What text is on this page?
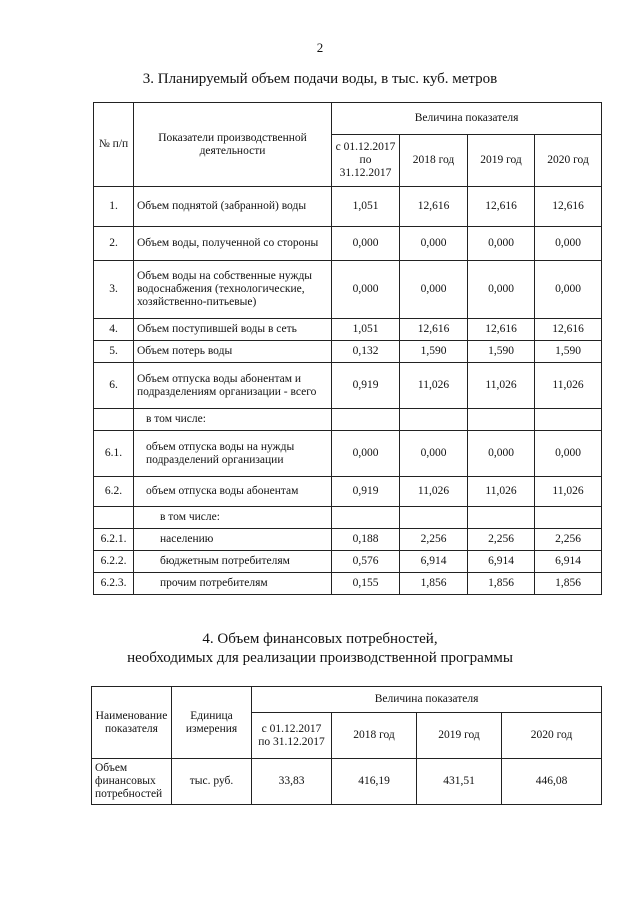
2
3. Планируемый объем подачи воды, в тыс. куб. метров
№ п/п	Показатели производственной деятельности	Величина показателя			
		с 01.12.2017 по 31.12.2017	2018 год	2019 год	2020 год
1.	Объем поднятой (забранной) воды	1,051	12,616	12,616	12,616
2.	Объем воды, полученной со стороны	0,000	0,000	0,000	0,000
3.	Объем воды на собственные нужды водоснабжения (технологические, хозяйственно-питьевые)	0,000	0,000	0,000	0,000
4.	Объем поступившей воды в сеть	1,051	12,616	12,616	12,616
5.	Объем потерь воды	0,132	1,590	1,590	1,590
6.	Объем отпуска воды абонентам и подразделениям организации - всего	0,919	11,026	11,026	11,026
	в том числе:				
6.1.	объем отпуска воды на нужды подразделений организации	0,000	0,000	0,000	0,000
6.2.	объем отпуска воды абонентам	0,919	11,026	11,026	11,026
	в том числе:				
6.2.1.	населению	0,188	2,256	2,256	2,256
6.2.2.	бюджетным потребителям	0,576	6,914	6,914	6,914
6.2.3.	прочим потребителям	0,155	1,856	1,856	1,856
4. Объем финансовых потребностей,
необходимых для реализации производственной программы
Наименование показателя	Единица измерения	Величина показателя			
		с 01.12.2017 по 31.12.2017	2018 год	2019 год	2020 год
Объем финансовых потребностей	тыс. руб.	33,83	416,19	431,51	446,08
